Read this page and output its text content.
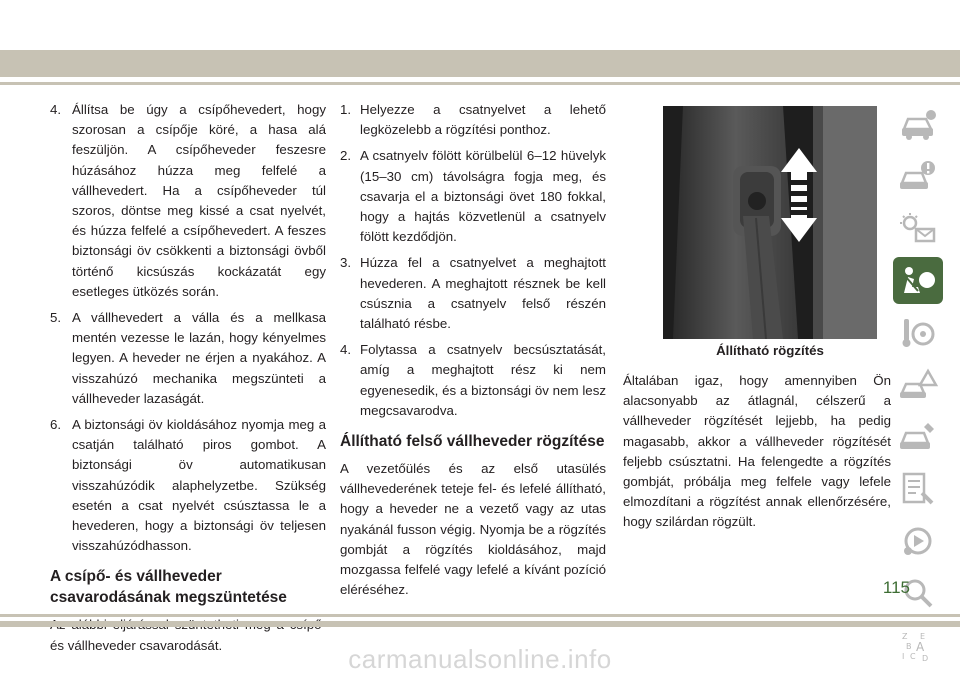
4. Állítsa be úgy a csípőhevedert, hogy szorosan a csípője köré, a hasa alá feszüljön. A csípőheveder feszesre húzásához húzza meg felfelé a vállhevedert. Ha a csípőheveder túl szoros, döntse meg kissé a csat nyelvét, és húzza felfelé a csípőhevedert. A feszes biztonsági öv csökkenti a biztonsági övből történő kicsúszás kockázatát egy esetleges ütközés során.
5. A vállhevedert a válla és a mellkasa mentén vezesse le lazán, hogy kényelmes legyen. A heveder ne érjen a nyakához. A visszahúzó mechanika megszünteti a vállheveder lazaságát.
6. A biztonsági öv kioldásához nyomja meg a csatján található piros gombot. A biztonsági öv automatikusan visszahúzódik alaphelyzetbe. Szükség esetén a csat nyelvét csúsztassa le a hevederen, hogy a biztonsági öv teljesen visszahúzódhasson.
A csípő- és vállheveder csavarodásának megszüntetése

és vállheveder csavarodását.

1. Helyezze a csatnyelvet a lehető legközelebb a rögzítési ponthoz.
2. A csatnyelv fölött körülbelül 6–12 hüvelyk (15–30 cm) távolságra fogja meg, és csavarja el a biztonsági övet 180 fokkal, hogy a hajtás közvetlenül a csatnyelv fölött kezdődjön.
3. Húzza fel a csatnyelvet a meghajtott hevederen. A meghajtott résznek be kell csúsznia a csatnyelv felső részén található résbe.
4. Folytassa a csatnyelv becsúsztatását, amíg a meghajtott rész ki nem egyenesedik, és a biztonsági öv nem lesz megcsavarodva.
Állítható felső vállheveder rögzítése

A vezetőülés és az első utasülés vállhevederének teteje fel- és lefelé állítható, hogy a heveder ne a vezető vagy az utas nyakánál fusson végig. Nyomja be a rögzítés gombját a rögzítés kioldásához, majd mozgassa felfelé vagy lefelé a kívánt pozíció eléréséhez.

Állítható rögzítés

Általában igaz, hogy amennyiben Ön alacsonyabb az átlagnál, célszerű a vállheveder rögzítését lejjebb, ha pedig magasabb, akkor a vállheveder rögzítését feljebb csúsztatni. Ha felengedte a rögzítés gombját, próbálja meg felfele vagy lefele elmozdítani a rögzítést annak ellenőrzésére, hogy szilárdan rögzült.

Z E
B A
I C D
115
carmanualsonline.info
